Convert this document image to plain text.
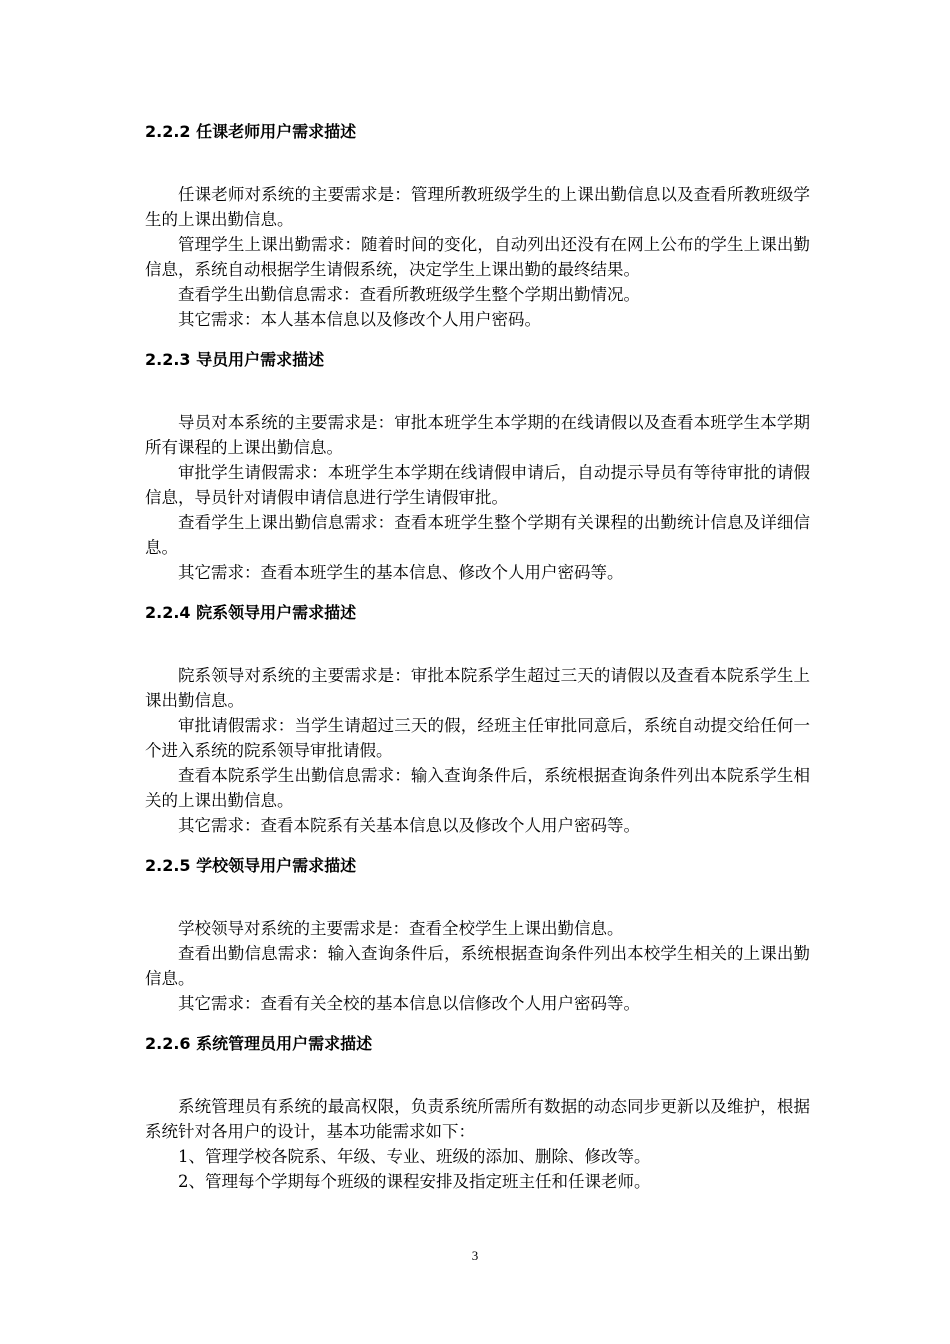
2.2.2 任课老师用户需求描述

任课老师对系统的主要需求是：管理所教班级学生的上课出勤信息以及查看所教班级学生的上课出勤信息。

管理学生上课出勤需求：随着时间的变化，自动列出还没有在网上公布的学生上课出勤信息，系统自动根据学生请假系统，决定学生上课出勤的最终结果。

查看学生出勤信息需求：查看所教班级学生整个学期出勤情况。

其它需求：本人基本信息以及修改个人用户密码。

2.2.3 导员用户需求描述

导员对本系统的主要需求是：审批本班学生本学期的在线请假以及查看本班学生本学期所有课程的上课出勤信息。

审批学生请假需求：本班学生本学期在线请假申请后，自动提示导员有等待审批的请假信息，导员针对请假申请信息进行学生请假审批。

查看学生上课出勤信息需求：查看本班学生整个学期有关课程的出勤统计信息及详细信息。

其它需求：查看本班学生的基本信息、修改个人用户密码等。

2.2.4 院系领导用户需求描述

院系领导对系统的主要需求是：审批本院系学生超过三天的请假以及查看本院系学生上课出勤信息。

审批请假需求：当学生请超过三天的假，经班主任审批同意后，系统自动提交给任何一个进入系统的院系领导审批请假。

查看本院系学生出勤信息需求：输入查询条件后，系统根据查询条件列出本院系学生相关的上课出勤信息。

其它需求：查看本院系有关基本信息以及修改个人用户密码等。

2.2.5 学校领导用户需求描述

学校领导对系统的主要需求是：查看全校学生上课出勤信息。

查看出勤信息需求：输入查询条件后，系统根据查询条件列出本校学生相关的上课出勤信息。

其它需求：查看有关全校的基本信息以信修改个人用户密码等。

2.2.6 系统管理员用户需求描述

系统管理员有系统的最高权限，负责系统所需所有数据的动态同步更新以及维护，根据系统针对各用户的设计，基本功能需求如下：

1、管理学校各院系、年级、专业、班级的添加、删除、修改等。

2、管理每个学期每个班级的课程安排及指定班主任和任课老师。

3
